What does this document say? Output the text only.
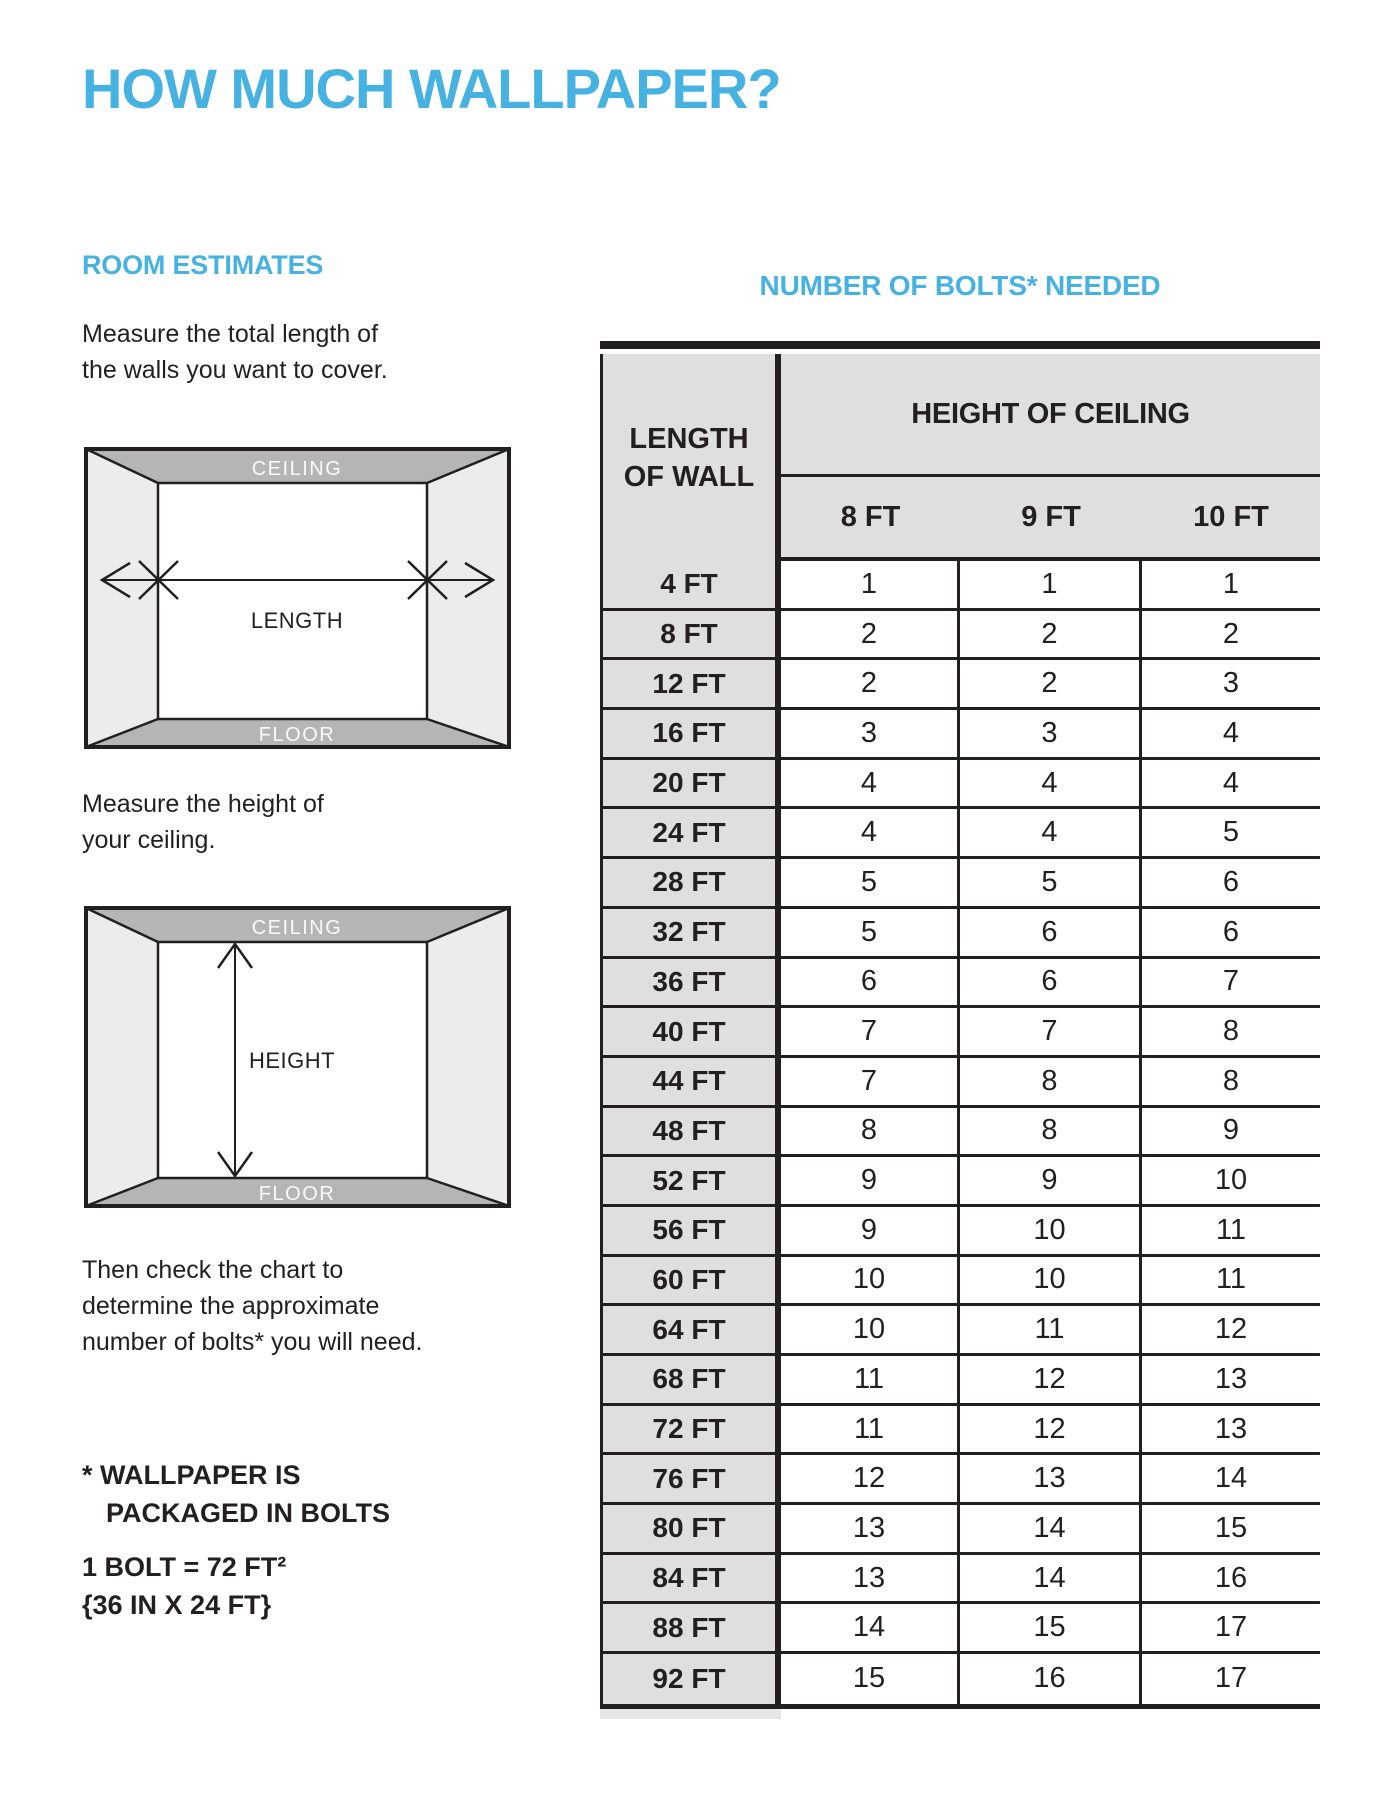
HOW MUCH WALLPAPER?
ROOM ESTIMATES
Measure the total length of
the walls you want to cover.
CEILING
FLOOR
LENGTH
Measure the height of
your ceiling.
CEILING
FLOOR
HEIGHT
Then check the chart to
determine the approximate
number of bolts* you will need.
* WALLPAPER IS
PACKAGED IN BOLTS
1 BOLT = 72 FT²
{36 IN X 24 FT}
NUMBER OF BOLTS* NEEDED
LENGTH
OF WALL
HEIGHT OF CEILING
8 FT	9 FT	10 FT
4 FT	1	1	1
8 FT	2	2	2
12 FT	2	2	3
16 FT	3	3	4
20 FT	4	4	4
24 FT	4	4	5
28 FT	5	5	6
32 FT	5	6	6
36 FT	6	6	7
40 FT	7	7	8
44 FT	7	8	8
48 FT	8	8	9
52 FT	9	9	10
56 FT	9	10	11
60 FT	10	10	11
64 FT	10	11	12
68 FT	11	12	13
72 FT	11	12	13
76 FT	12	13	14
80 FT	13	14	15
84 FT	13	14	16
88 FT	14	15	17
92 FT	15	16	17
